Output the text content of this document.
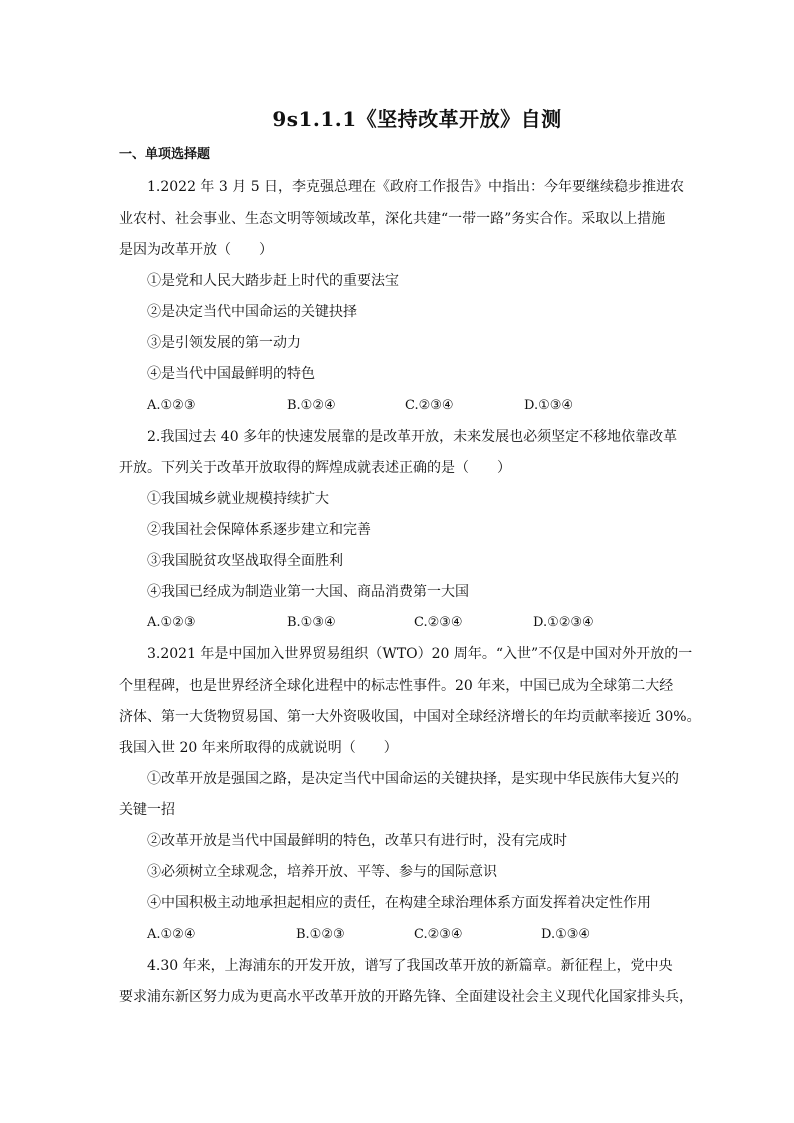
9s1.1.1《坚持改革开放》自测
一、单项选择题
1.2022 年 3 月 5 日，李克强总理在《政府工作报告》中指出：今年要继续稳步推进农
业农村、社会事业、生态文明等领域改革，深化共建“一带一路”务实合作。采取以上措施
是因为改革开放（　　）
①是党和人民大踏步赶上时代的重要法宝
②是决定当代中国命运的关键抉择
③是引领发展的第一动力
④是当代中国最鲜明的特色
A.①②③	B.①②④	C.②③④	D.①③④
2.我国过去 40 多年的快速发展靠的是改革开放，未来发展也必须坚定不移地依靠改革
开放。下列关于改革开放取得的辉煌成就表述正确的是（　　）
①我国城乡就业规模持续扩大
②我国社会保障体系逐步建立和完善
③我国脱贫攻坚战取得全面胜利
④我国已经成为制造业第一大国、商品消费第一大国
A.①②③	B.①③④	C.②③④	D.①②③④
3.2021 年是中国加入世界贸易组织（WTO）20 周年。“入世”不仅是中国对外开放的一
个里程碑，也是世界经济全球化进程中的标志性事件。20 年来，中国已成为全球第二大经
济体、第一大货物贸易国、第一大外资吸收国，中国对全球经济增长的年均贡献率接近 30%。
我国入世 20 年来所取得的成就说明（　　）
①改革开放是强国之路，是决定当代中国命运的关键抉择，是实现中华民族伟大复兴的
关键一招
②改革开放是当代中国最鲜明的特色，改革只有进行时，没有完成时
③必须树立全球观念，培养开放、平等、参与的国际意识
④中国积极主动地承担起相应的责任，在构建全球治理体系方面发挥着决定性作用
A.①②④	B.①②③	C.②③④	D.①③④
4.30 年来，上海浦东的开发开放，谱写了我国改革开放的新篇章。新征程上，党中央
要求浦东新区努力成为更高水平改革开放的开路先锋、全面建设社会主义现代化国家排头兵，
